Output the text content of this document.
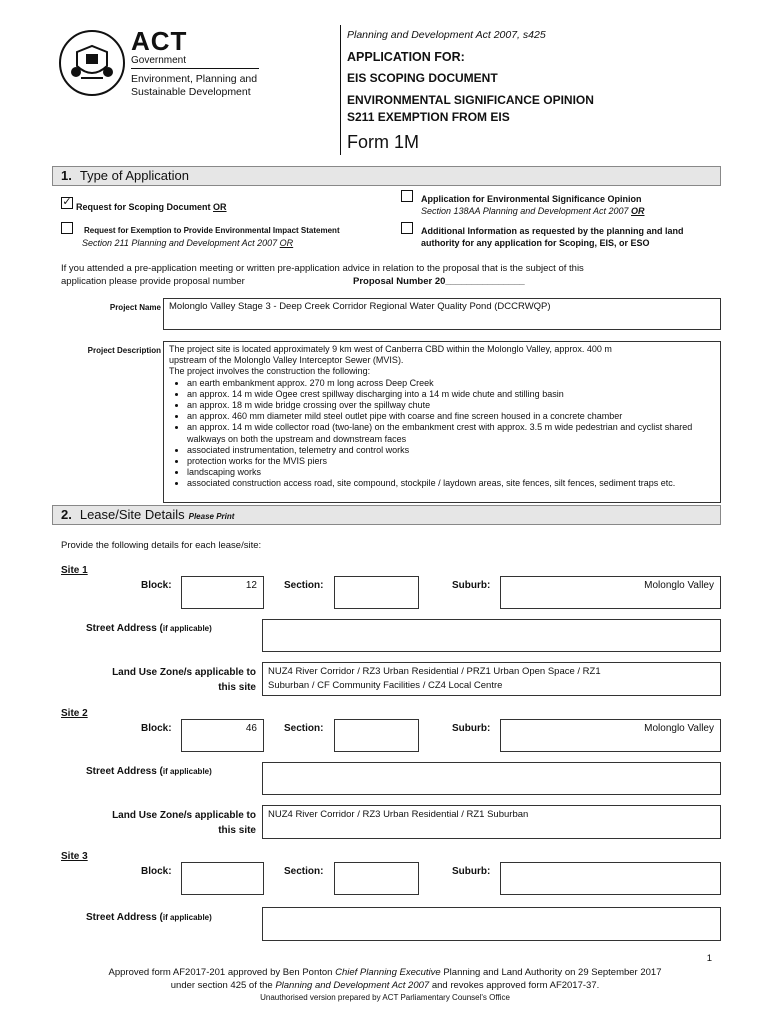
ACT
Government
Environment, Planning and
Sustainable Development
Planning and Development Act 2007, s425
APPLICATION FOR:
EIS SCOPING DOCUMENT
ENVIRONMENTAL SIGNIFICANCE OPINION
S211 EXEMPTION FROM EIS
Form 1M
1. Type of Application
✓ Request for Scoping Document OR
Request for Exemption to Provide Environmental Impact Statement
Section 211 Planning and Development Act 2007 OR
Application for Environmental Significance Opinion
Section 138AA Planning and Development Act 2007 OR
Additional Information as requested by the planning and land
authority for any application for Scoping, EIS, or ESO
If you attended a pre-application meeting or written pre-application advice in relation to the proposal that is the subject of this
application please provide proposal number	Proposal Number 20_______________
Project Name Molonglo Valley Stage 3 - Deep Creek Corridor Regional Water Quality Pond (DCCRWQP)
Project Description The project site is located approximately 9 km west of Canberra CBD within the Molonglo Valley, approx. 400 m
upstream of the Molonglo Valley Interceptor Sewer (MVIS).
The project involves the construction the following:
• an earth embankment approx. 270 m long across Deep Creek
• an approx. 14 m wide Ogee crest spillway discharging into a 14 m wide chute and stilling basin
• an approx. 18 m wide bridge crossing over the spillway chute
• an approx. 460 mm diameter mild steel outlet pipe with coarse and fine screen housed in a concrete chamber
• an approx. 14 m wide collector road (two-lane) on the embankment crest with approx. 3.5 m wide pedestrian and cyclist shared walkways on both the upstream and downstream faces
• associated instrumentation, telemetry and control works
• protection works for the MVIS piers
• landscaping works
• associated construction access road, site compound, stockpile / laydown areas, site fences, silt fences, sediment traps etc.
2. Lease/Site Details Please Print
Provide the following details for each lease/site:
Site 1
Block:	12	Section:	Suburb:	Molonglo Valley
Street Address (if applicable)
Land Use Zone/s applicable to
this site
NUZ4 River Corridor / RZ3 Urban Residential / PRZ1 Urban Open Space / RZ1
Suburban / CF Community Facilities / CZ4 Local Centre
Site 2
Block:	46	Section:	Suburb:	Molonglo Valley
Street Address (if applicable)
Land Use Zone/s applicable to
this site
NUZ4 River Corridor / RZ3 Urban Residential / RZ1 Suburban
Site 3
Block:	Section:	Suburb:
Street Address (if applicable)
1
Approved form AF2017-201 approved by Ben Ponton Chief Planning Executive Planning and Land Authority on 29 September 2017
under section 425 of the Planning and Development Act 2007 and revokes approved form AF2017-37.
Unauthorised version prepared by ACT Parliamentary Counsel's Office
